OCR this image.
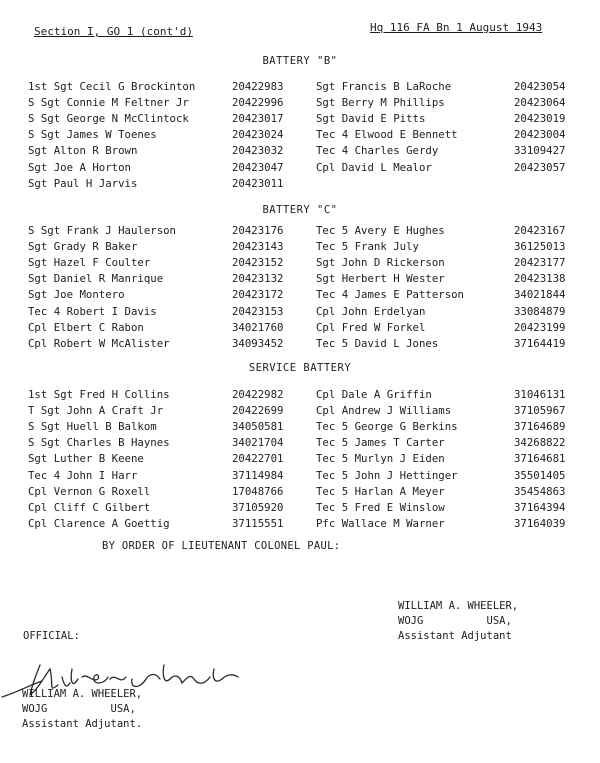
Section I, GO 1 (cont'd)	Hq 116 FA Bn 1 August 1943
BATTERY "B"
1st Sgt Cecil G Brockinton	20422983	Sgt Francis B LaRoche	20423054
S Sgt Connie M Feltner Jr	20422996	Sgt Berry M Phillips	20423064
S Sgt George N McClintock	20423017	Sgt David E Pitts	20423019
S Sgt James W Toenes	20423024	Tec 4 Elwood E Bennett	20423004
Sgt Alton R Brown	20423032	Tec 4 Charles Gerdy	33109427
Sgt Joe A Horton	20423047	Cpl David L Mealor	20423057
Sgt Paul H Jarvis	20423011
BATTERY "C"
S Sgt Frank J Haulerson	20423176	Tec 5 Avery E Hughes	20423167
Sgt Grady R Baker	20423143	Tec 5 Frank July	36125013
Sgt Hazel F Coulter	20423152	Sgt John D Rickerson	20423177
Sgt Daniel R Manrique	20423132	Sgt Herbert H Wester	20423138
Sgt Joe Montero	20423172	Tec 4 James E Patterson	34021844
Tec 4 Robert I Davis	20423153	Cpl John Erdelyan	33084879
Cpl Elbert C Rabon	34021760	Cpl Fred W Forkel	20423199
Cpl Robert W McAlister	34093452	Tec 5 David L Jones	37164419
SERVICE BATTERY
1st Sgt Fred H Collins	20422982	Cpl Dale A Griffin	31046131
T Sgt John A Craft Jr	20422699	Cpl Andrew J Williams	37105967
S Sgt Huell B Balkom	34050581	Tec 5 George G Berkins	37164689
S Sgt Charles B Haynes	34021704	Tec 5 James T Carter	34268822
Sgt Luther B Keene	20422701	Tec 5 Murlyn J Eiden	37164681
Tec 4 John I Harr	37114984	Tec 5 John J Hettinger	35501405
Cpl Vernon G Roxell	17048766	Tec 5 Harlan A Meyer	35454863
Cpl Cliff C Gilbert	37105920	Tec 5 Fred E Winslow	37164394
Cpl Clarence A Goettig	37115551	Pfc Wallace M Warner	37164039
BY ORDER OF LIEUTENANT COLONEL PAUL:
WILLIAM A. WHEELER,
WOJG          USA,
Assistant Adjutant
OFFICIAL:
WILLIAM A. WHEELER,
WOJG          USA,
Assistant Adjutant.
